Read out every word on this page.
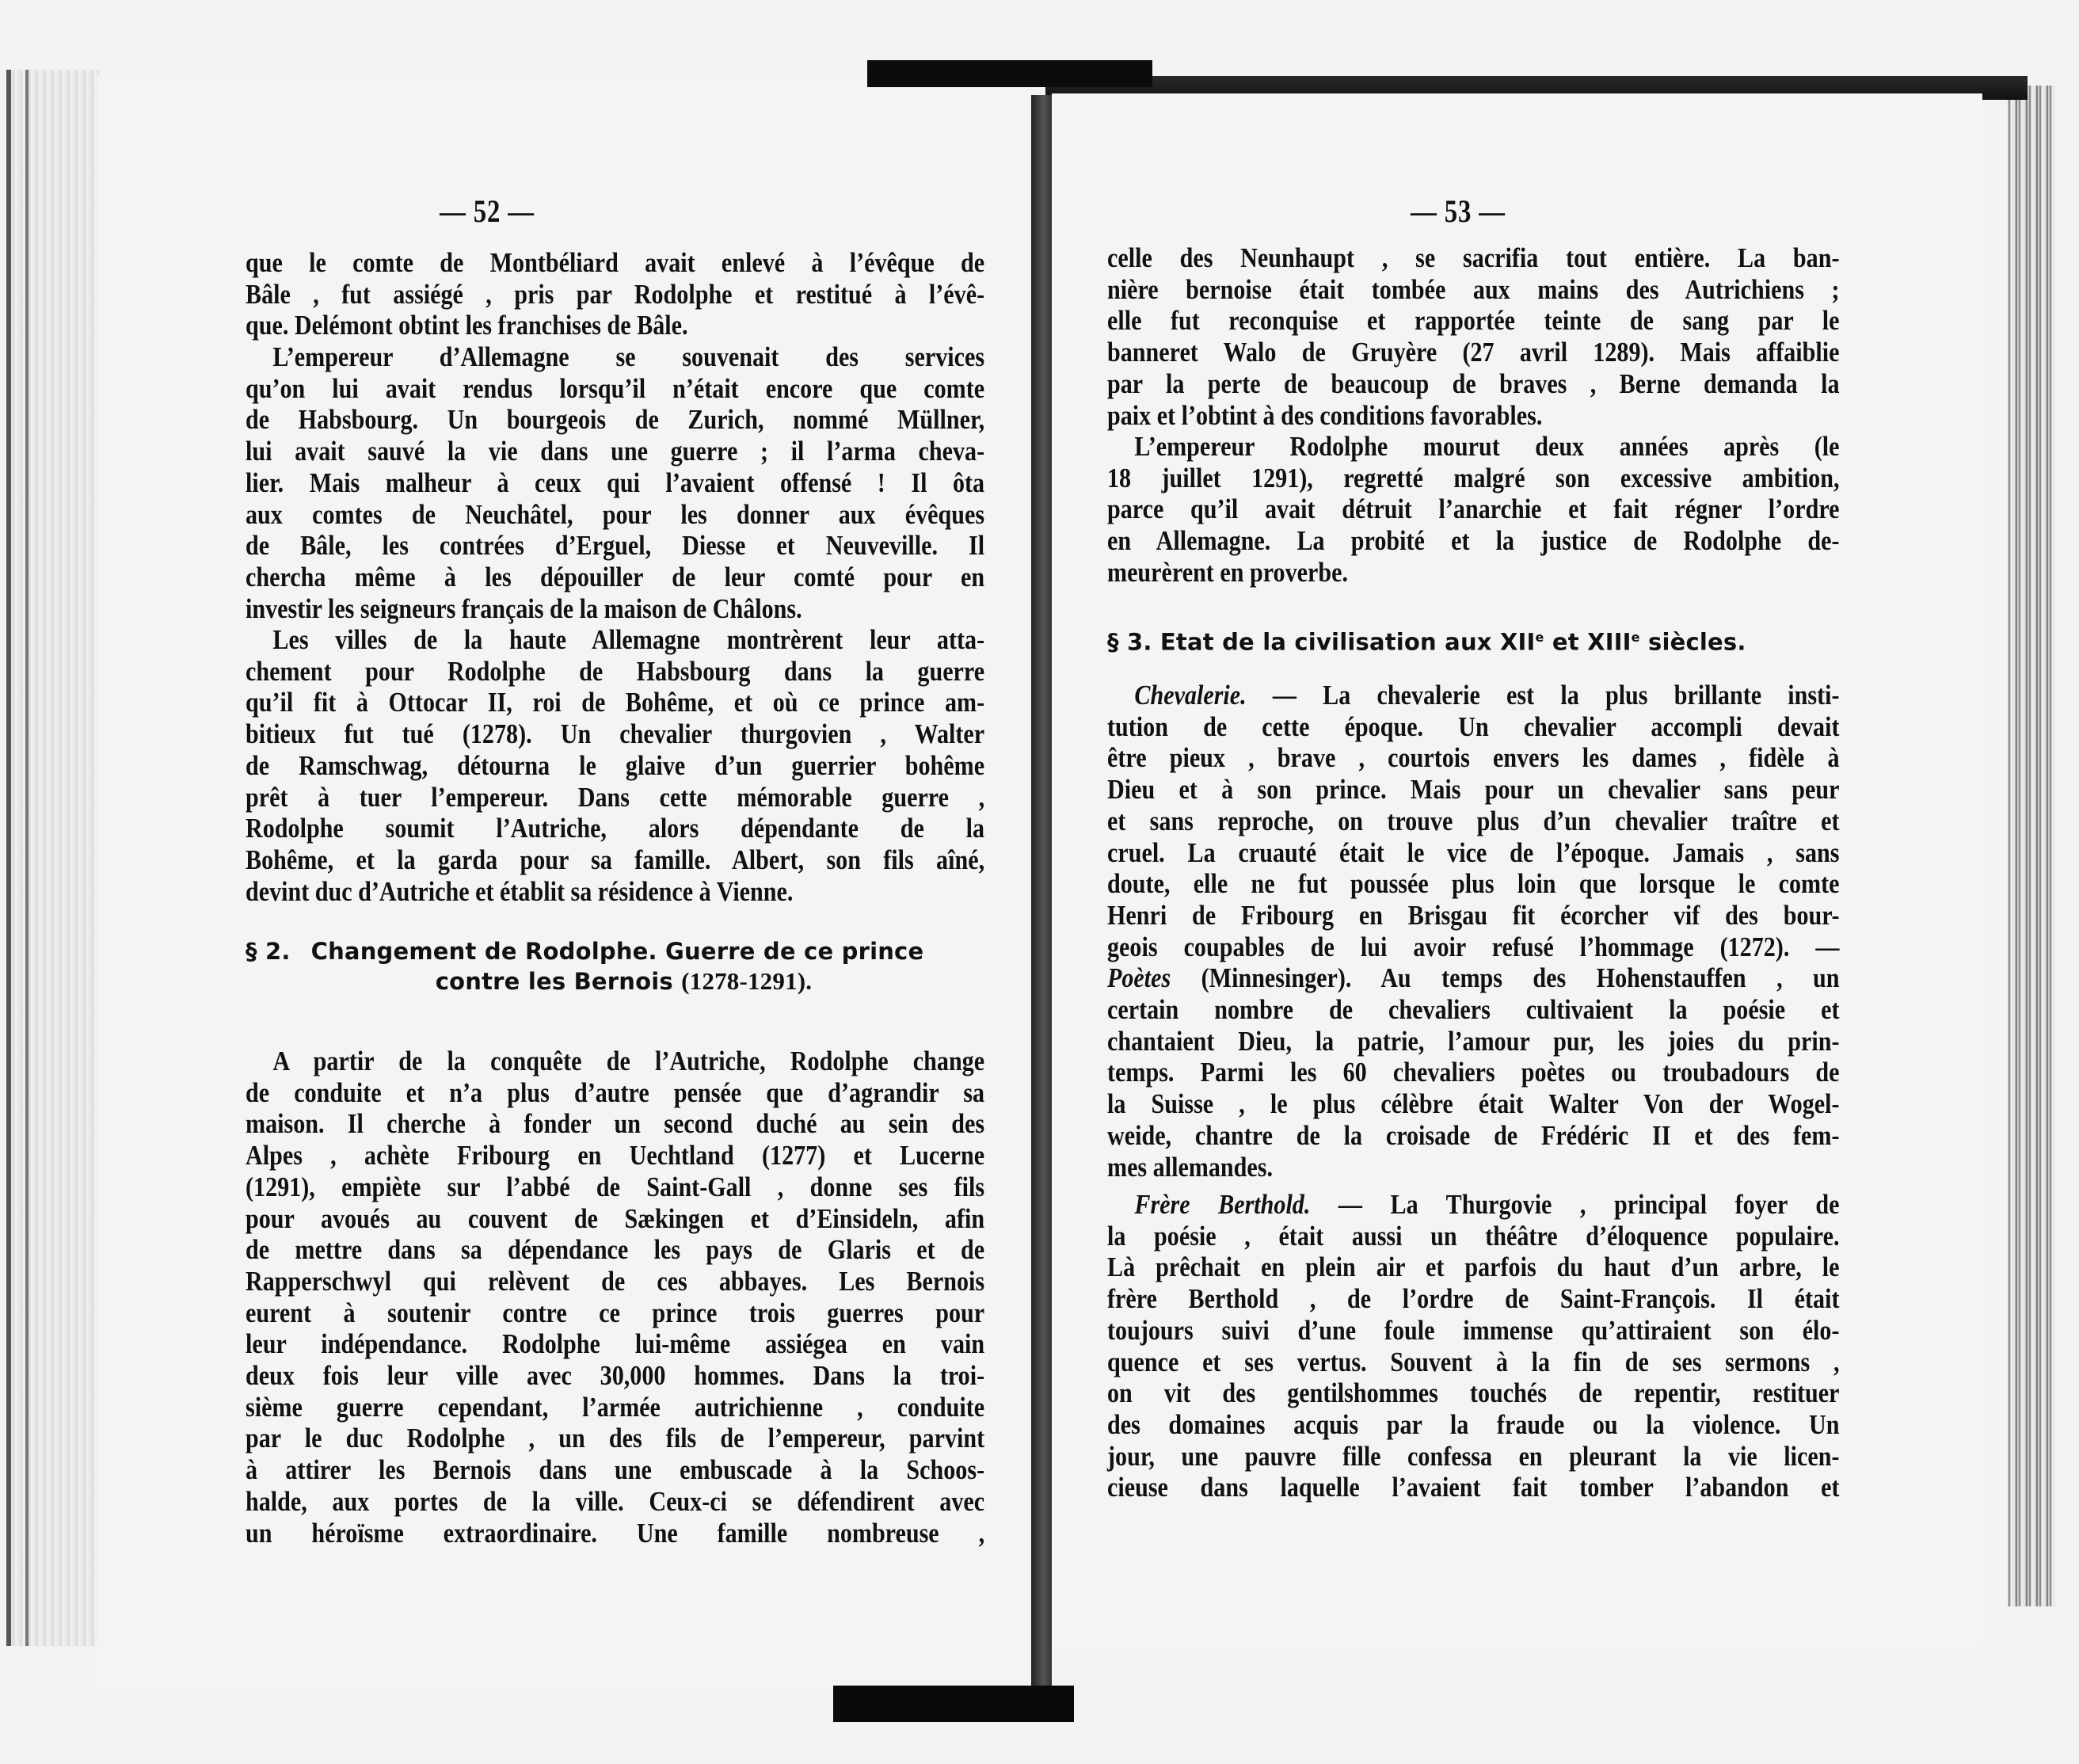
— 52 —
que le comte de Montbéliard avait enlevé à l’évêque de
Bâle , fut assiégé , pris par Rodolphe et restitué à l’évê-
que. Delémont obtint les franchises de Bâle.
L’empereur d’Allemagne se souvenait des services
qu’on lui avait rendus lorsqu’il n’était encore que comte
de Habsbourg. Un bourgeois de Zurich, nommé Müllner,
lui avait sauvé la vie dans une guerre ; il l’arma cheva-
lier. Mais malheur à ceux qui l’avaient offensé ! Il ôta
aux comtes de Neuchâtel, pour les donner aux évêques
de Bâle, les contrées d’Erguel, Diesse et Neuveville. Il
chercha même à les dépouiller de leur comté pour en
investir les seigneurs français de la maison de Châlons.
Les villes de la haute Allemagne montrèrent leur atta-
chement pour Rodolphe de Habsbourg dans la guerre
qu’il fit à Ottocar II, roi de Bohême, et où ce prince am-
bitieux fut tué (1278). Un chevalier thurgovien , Walter
de Ramschwag, détourna le glaive d’un guerrier bohême
prêt à tuer l’empereur. Dans cette mémorable guerre ,
Rodolphe soumit l’Autriche, alors dépendante de la
Bohême, et la garda pour sa famille. Albert, son fils aîné,
devint duc d’Autriche et établit sa résidence à Vienne.
§ 2. Changement de Rodolphe. Guerre de ce prince
contre les Bernois (1278-1291).
A partir de la conquête de l’Autriche, Rodolphe change
de conduite et n’a plus d’autre pensée que d’agrandir sa
maison. Il cherche à fonder un second duché au sein des
Alpes , achète Fribourg en Uechtland (1277) et Lucerne
(1291), empiète sur l’abbé de Saint-Gall , donne ses fils
pour avoués au couvent de Sækingen et d’Einsideln, afin
de mettre dans sa dépendance les pays de Glaris et de
Rapperschwyl qui relèvent de ces abbayes. Les Bernois
eurent à soutenir contre ce prince trois guerres pour
leur indépendance. Rodolphe lui-même assiégea en vain
deux fois leur ville avec 30,000 hommes. Dans la troi-
sième guerre cependant, l’armée autrichienne , conduite
par le duc Rodolphe , un des fils de l’empereur, parvint
à attirer les Bernois dans une embuscade à la Schoos-
halde, aux portes de la ville. Ceux-ci se défendirent avec
un héroïsme extraordinaire. Une famille nombreuse ,
— 53 —
celle des Neunhaupt , se sacrifia tout entière. La ban-
nière bernoise était tombée aux mains des Autrichiens ;
elle fut reconquise et rapportée teinte de sang par le
banneret Walo de Gruyère (27 avril 1289). Mais affaiblie
par la perte de beaucoup de braves , Berne demanda la
paix et l’obtint à des conditions favorables.
L’empereur Rodolphe mourut deux années après (le
18 juillet 1291), regretté malgré son excessive ambition,
parce qu’il avait détruit l’anarchie et fait régner l’ordre
en Allemagne. La probité et la justice de Rodolphe de-
meurèrent en proverbe.
§ 3. Etat de la civilisation aux XIIe et XIIIe siècles.
Chevalerie. — La chevalerie est la plus brillante insti-
tution de cette époque. Un chevalier accompli devait
être pieux , brave , courtois envers les dames , fidèle à
Dieu et à son prince. Mais pour un chevalier sans peur
et sans reproche, on trouve plus d’un chevalier traître et
cruel. La cruauté était le vice de l’époque. Jamais , sans
doute, elle ne fut poussée plus loin que lorsque le comte
Henri de Fribourg en Brisgau fit écorcher vif des bour-
geois coupables de lui avoir refusé l’hommage (1272). —
Poètes (Minnesinger). Au temps des Hohenstauffen , un
certain nombre de chevaliers cultivaient la poésie et
chantaient Dieu, la patrie, l’amour pur, les joies du prin-
temps. Parmi les 60 chevaliers poètes ou troubadours de
la Suisse , le plus célèbre était Walter Von der Wogel-
weide, chantre de la croisade de Frédéric II et des fem-
mes allemandes.
Frère Berthold. — La Thurgovie , principal foyer de
la poésie , était aussi un théâtre d’éloquence populaire.
Là prêchait en plein air et parfois du haut d’un arbre, le
frère Berthold , de l’ordre de Saint-François. Il était
toujours suivi d’une foule immense qu’attiraient son élo-
quence et ses vertus. Souvent à la fin de ses sermons ,
on vit des gentilshommes touchés de repentir, restituer
des domaines acquis par la fraude ou la violence. Un
jour, une pauvre fille confessa en pleurant la vie licen-
cieuse dans laquelle l’avaient fait tomber l’abandon et
